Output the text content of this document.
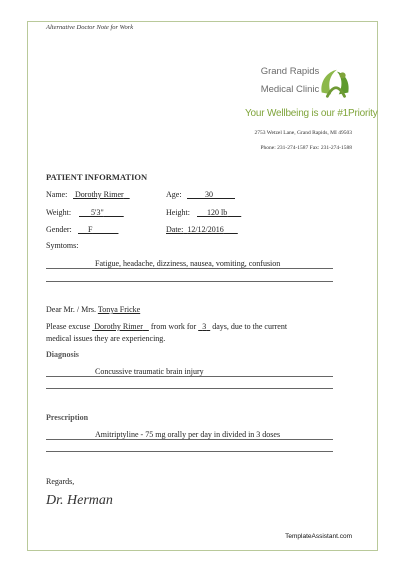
Alternative Doctor Note for Work
Grand Rapids
Medical Clinic
Your Wellbeing is our #1Priority
2753 Wetzel Lane, Grand Rapids, MI 49503
Phone: 231-274-1587 Fax: 231-274-1588
PATIENT INFORMATION
Name: Dorothy Rimer	Age:	30
Weight:	5'3"	Height:	120 lb
Gender:	F	Date: 12/12/2016
Symtoms:
Fatigue, headache, dizziness, nausea, vomiting, confusion
Dear Mr. / Mrs. Tonya Fricke
Please excuse Dorothy Rimer from work for 3 days, due to the current
medical issues they are experiencing.
Diagnosis
Concussive traumatic brain injury
Prescription
Amitriptyline - 75 mg orally per day in divided in 3 doses
Regards,
Dr. Herman
TemplateAssistant.com
